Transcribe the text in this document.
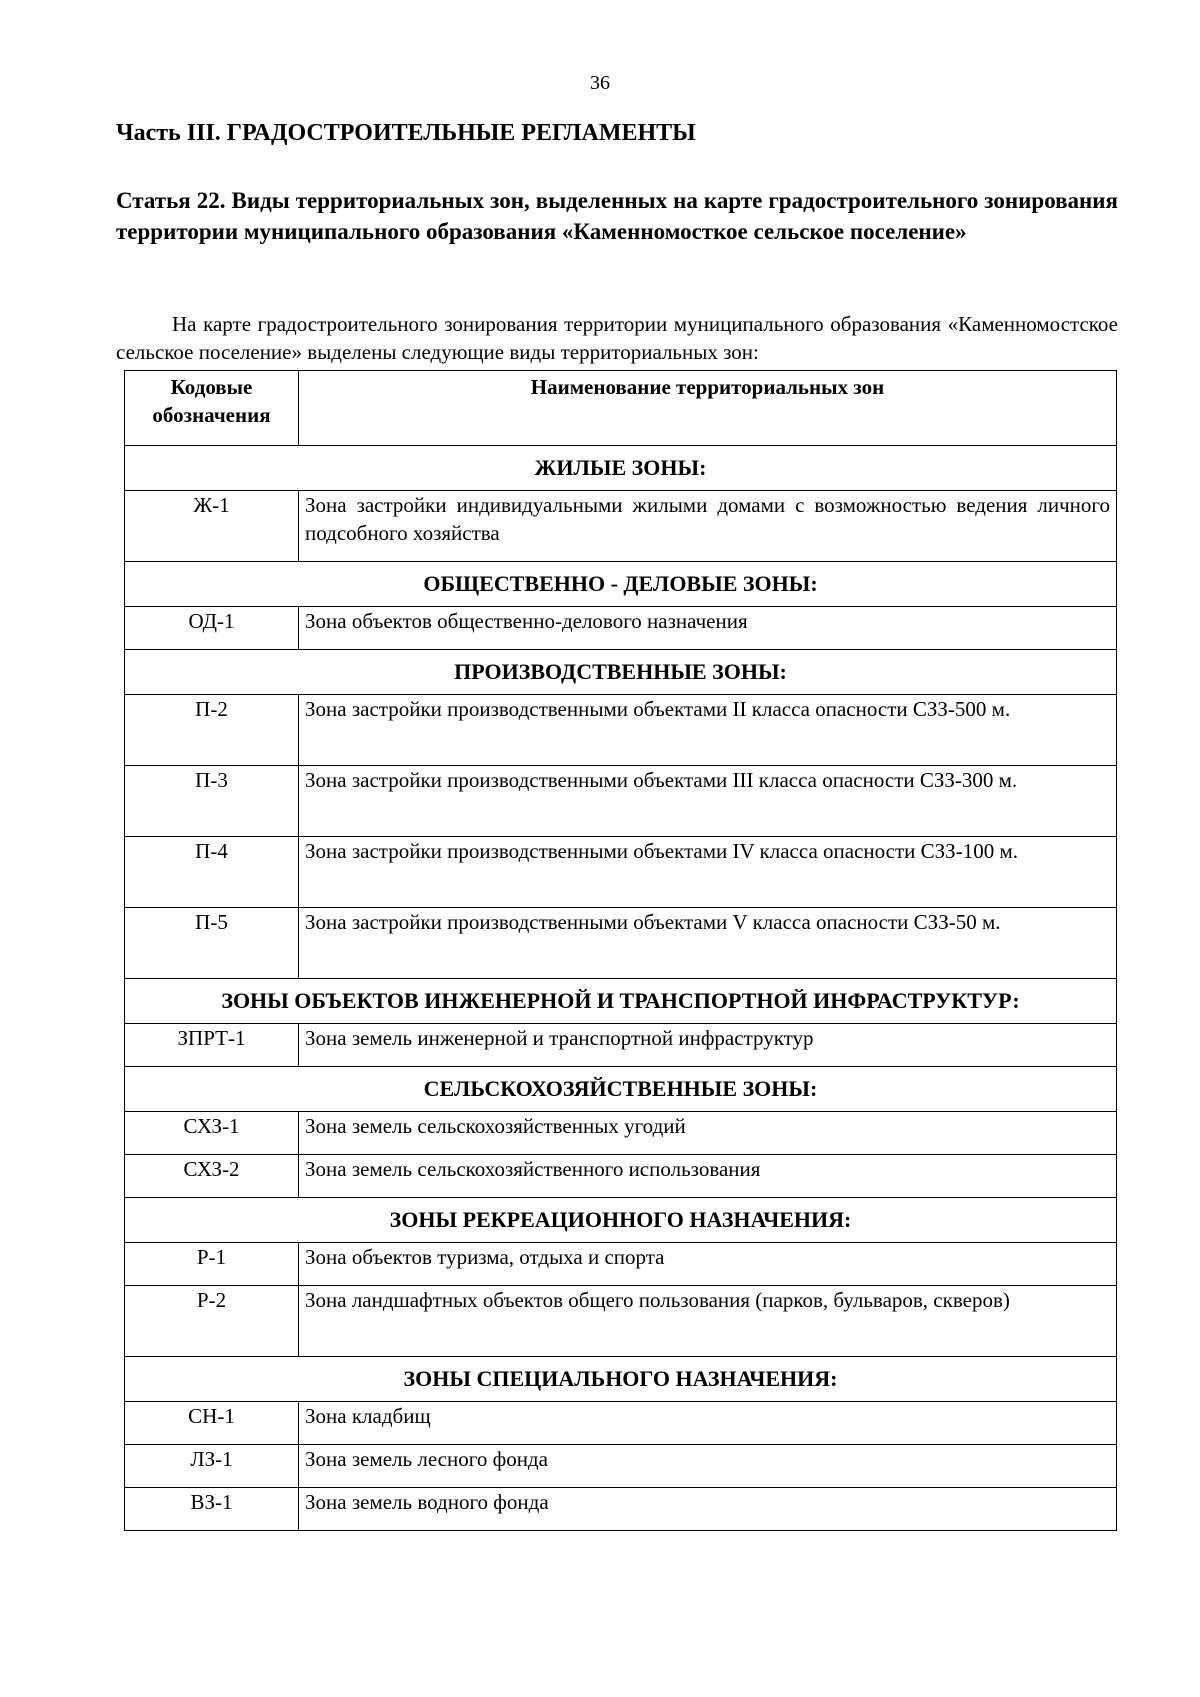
36
Часть III. ГРАДОСТРОИТЕЛЬНЫЕ РЕГЛАМЕНТЫ
Статья 22. Виды территориальных зон, выделенных на карте градостроительного зонирования территории муниципального образования «Каменномосткое сельское поселение»

На карте градостроительного зонирования территории муниципального образования «Каменномостское сельское поселение» выделены следующие виды территориальных зон:

Кодовые обозначения	Наименование территориальных зон
ЖИЛЫЕ ЗОНЫ:	
Ж-1	Зона застройки индивидуальными жилыми домами с возможностью ведения личного подсобного хозяйства
ОБЩЕСТВЕННО - ДЕЛОВЫЕ ЗОНЫ:	
ОД-1	Зона объектов общественно-делового назначения
ПРОИЗВОДСТВЕННЫЕ ЗОНЫ:	
П-2	Зона застройки производственными объектами II класса опасности СЗЗ-500 м.
П-3	Зона застройки производственными объектами III класса опасности СЗЗ-300 м.
П-4	Зона застройки производственными объектами IV класса опасности СЗЗ-100 м.
П-5	Зона застройки производственными объектами V класса опасности СЗЗ-50 м.
ЗОНЫ ОБЪЕКТОВ ИНЖЕНЕРНОЙ И ТРАНСПОРТНОЙ ИНФРАСТРУКТУР:	
ЗПРТ-1	Зона земель инженерной и транспортной инфраструктур
СЕЛЬСКОХОЗЯЙСТВЕННЫЕ ЗОНЫ:	
СХЗ-1	Зона земель сельскохозяйственных угодий
СХЗ-2	Зона земель сельскохозяйственного использования
ЗОНЫ РЕКРЕАЦИОННОГО НАЗНАЧЕНИЯ:	
Р-1	Зона объектов туризма, отдыха и спорта
Р-2	Зона ландшафтных объектов общего пользования (парков, бульваров, скверов)
ЗОНЫ СПЕЦИАЛЬНОГО НАЗНАЧЕНИЯ:	
СН-1	Зона кладбищ
ЛЗ-1	Зона земель лесного фонда
ВЗ-1	Зона земель водного фонда
